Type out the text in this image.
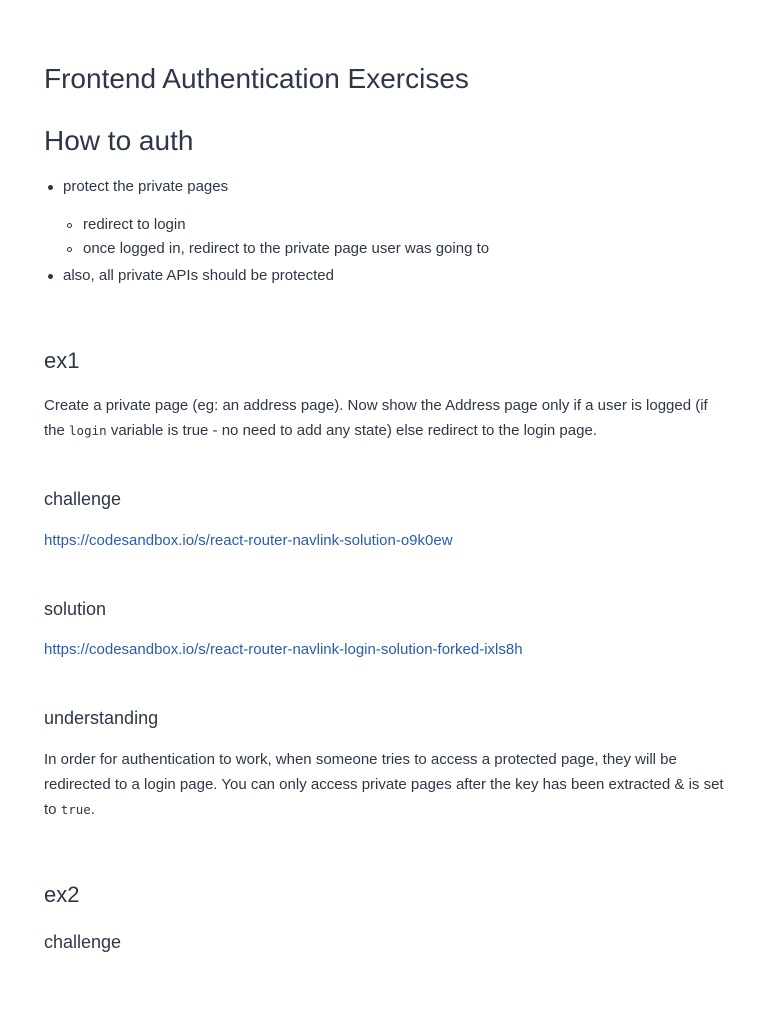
Frontend Authentication Exercises
How to auth

protect the private pages

redirect to login

once logged in, redirect to the private page user was going to

also, all private APIs should be protected

ex1

Create a private page (eg: an address page). Now show the Address page only if a user is logged (if the login variable is true - no need to add any state) else redirect to the login page.

challenge
https://codesandbox.io/s/react-router-navlink-solution-o9k0ew
solution
https://codesandbox.io/s/react-router-navlink-login-solution-forked-ixls8h
understanding

In order for authentication to work, when someone tries to access a protected page, they will be redirected to a login page. You can only access private pages after the key has been extracted & is set to true.

ex2
challenge
